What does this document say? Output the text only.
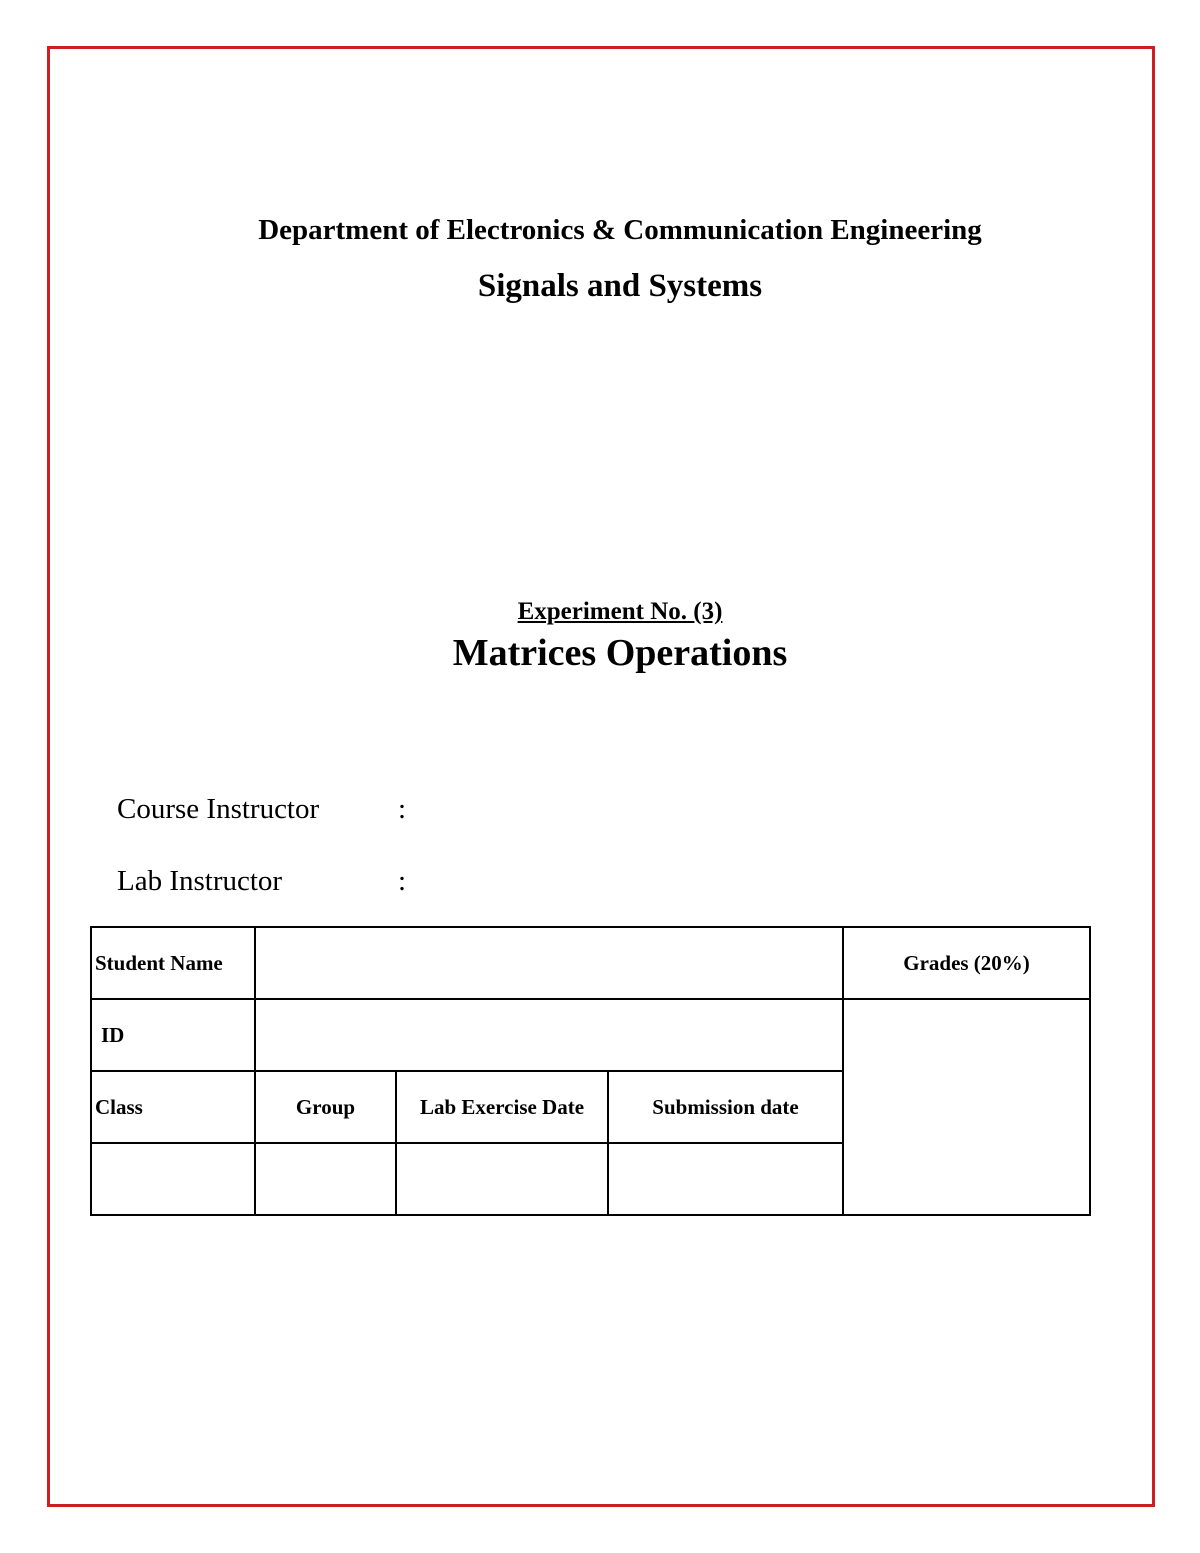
Department of Electronics & Communication Engineering
Signals and Systems
Experiment No. (3)
Matrices Operations
Course Instructor	:
Lab Instructor	:
Student Name				Grades (20%)
ID				
Class	Group	Lab Exercise Date	Submission date	
